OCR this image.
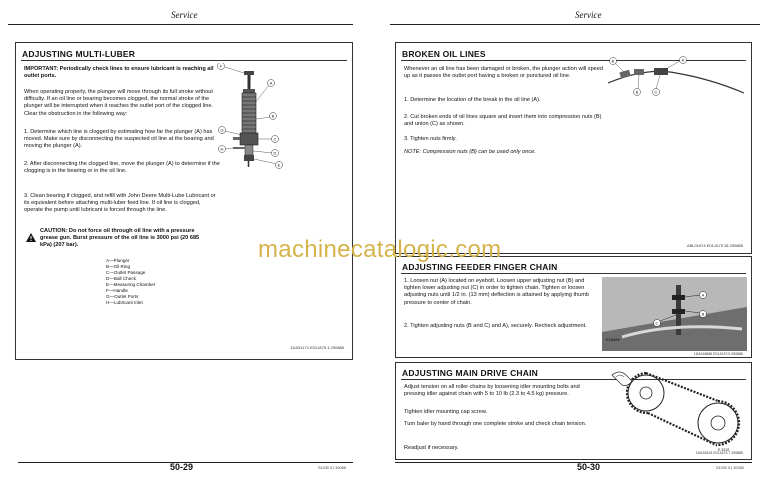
Service
ADJUSTING MULTI-LUBER

IMPORTANT: Periodically check lines to ensure lubricant is reaching all outlet ports.

When operating properly, the plunger will move through its full stroke without difficulty. If an oil line or bearing becomes clogged, the normal stroke of the plunger will be interrupted when it reaches the outlet port of the clogged line. Clear the obstruction in the following way:

1. Determine which line is clogged by estimating how far the plunger (A) has moved. Make sure by disconnecting the suspected oil line at the bearing and moving the plunger (A).

2. After disconnecting the clogged line, move the plunger (A) to determine if the clogging is in the bearing or in the oil line.

3. Clean bearing if clogged, and refill with John Deere Multi-Lube Lubricant or its equivalent before attaching multi-luber feed line. If oil line is clogged, operate the pump until lubricant is forced through the line.

CAUTION: Do not force oil through oil line with a pressure grease gun. Burst pressure of the oil line is 3000 psi (20 685 kPa) (207 bar).

A—Plunger
B—Oil Ring
C—Outlet Passage
D—Ball Check
E—Measuring Chamber
F—Handle
G—Outlet Ports
H—Lubricant Inlet
F
A
B
G
C
H
D
E
1DA31174 E01JA79 4 290885
50-29	S1030 01 30086
Service
BROKEN OIL LINES

Whenever an oil line has been damaged or broken, the plunger action will speed up as it passes the outlet port having a broken or punctured oil line.

1. Determine the location of the break in the oil line (A).

2. Cut broken ends of oil lines square and insert them into compression nuts (B) and union (C) as shown.

3. Tighten nuts firmly.

NOTE: Compression nuts (B) can be used only once.

B	A
B	C
ABL01974 E01JA79 28 290885
ADJUSTING FEEDER FINGER CHAIN

1. Loosen nut (A) located on eyebolt. Loosen upper adjusting nut (B) and tighten lower adjusting nut (C) in order to tighten chain. Tighten or loosen adjusting nuts until 1/2 in. (13 mm) deflection is attained by applying thumb pressure to center of chain.

2. Tighten adjusting nuts (B and C) and A), securely. Recheck adjustment.

A
B
C
E18686
1DA318686 E01JA79 5 290885
ADJUSTING MAIN DRIVE CHAIN

Adjust tension on all roller chains by loosening idler mounting bolts and pressing idler against chain with 5 to 10 lb (2.3 to 4.5 kg) pressure.

Tighten idler mounting cap screw.

Turn baler by hand through one complete stroke and check chain tension.

Readjust if necessary.	E 3319
1DA33319 E01JA79 7 290885
50-30	S1030 01 30080
machinecatalogic.com
